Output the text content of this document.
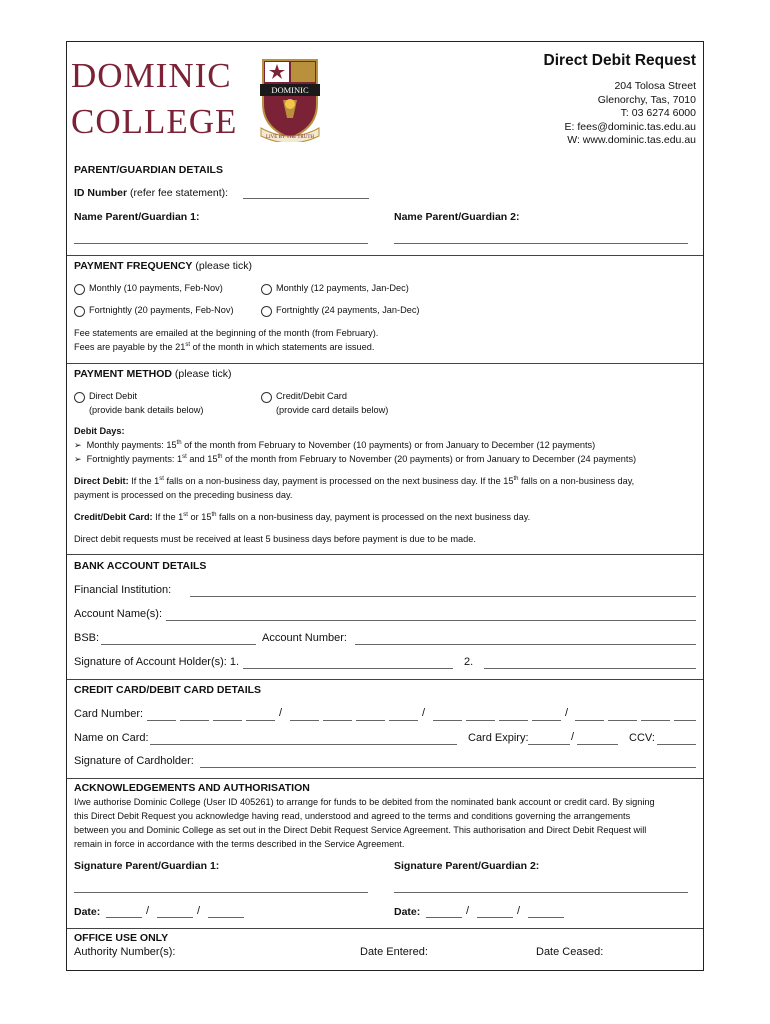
DOMINIC
COLLEGE
DOMINIC
LIVE BY THE TRUTH
Direct Debit Request
204 Tolosa Street
Glenorchy, Tas, 7010
T: 03 6274 6000
E: fees@dominic.tas.edu.au
W: www.dominic.tas.edu.au
PARENT/GUARDIAN DETAILS
ID Number (refer fee statement):
Name Parent/Guardian 1:	Name Parent/Guardian 2:
PAYMENT FREQUENCY (please tick)
Monthly (10 payments, Feb-Nov)	Monthly (12 payments, Jan-Dec)
Fortnightly (20 payments, Feb-Nov)	Fortnightly (24 payments, Jan-Dec)
Fee statements are emailed at the beginning of the month (from February).
Fees are payable by the 21st of the month in which statements are issued.
PAYMENT METHOD (please tick)
Direct Debit
(provide bank details below)
Credit/Debit Card
(provide card details below)
Debit Days:
➢ Monthly payments: 15th of the month from February to November (10 payments) or from January to December (12 payments)
➢ Fortnightly payments: 1st and 15th of the month from February to November (20 payments) or from January to December (24 payments)
Direct Debit: If the 1st falls on a non-business day, payment is processed on the next business day. If the 15th falls on a non-business day,
payment is processed on the preceding business day.
Credit/Debit Card: If the 1st or 15th falls on a non-business day, payment is processed on the next business day.
Direct debit requests must be received at least 5 business days before payment is due to be made.
BANK ACCOUNT DETAILS
Financial Institution:
Account Name(s):
BSB:	Account Number:
Signature of Account Holder(s): 1.	2.
CREDIT CARD/DEBIT CARD DETAILS
Card Number:	/	/	/
Name on Card:	Card Expiry:	/	CCV:
Signature of Cardholder:
ACKNOWLEDGEMENTS AND AUTHORISATION
I/we authorise Dominic College (User ID 405261) to arrange for funds to be debited from the nominated bank account or credit card. By signing
this Direct Debit Request you acknowledge having read, understood and agreed to the terms and conditions governing the arrangements
between you and Dominic College as set out in the Direct Debit Request Service Agreement. This authorisation and Direct Debit Request will
remain in force in accordance with the terms described in the Service Agreement.
Signature Parent/Guardian 1:	Signature Parent/Guardian 2:
Date:	/	/	Date:	/	/
OFFICE USE ONLY
Authority Number(s):	Date Entered:	Date Ceased:
